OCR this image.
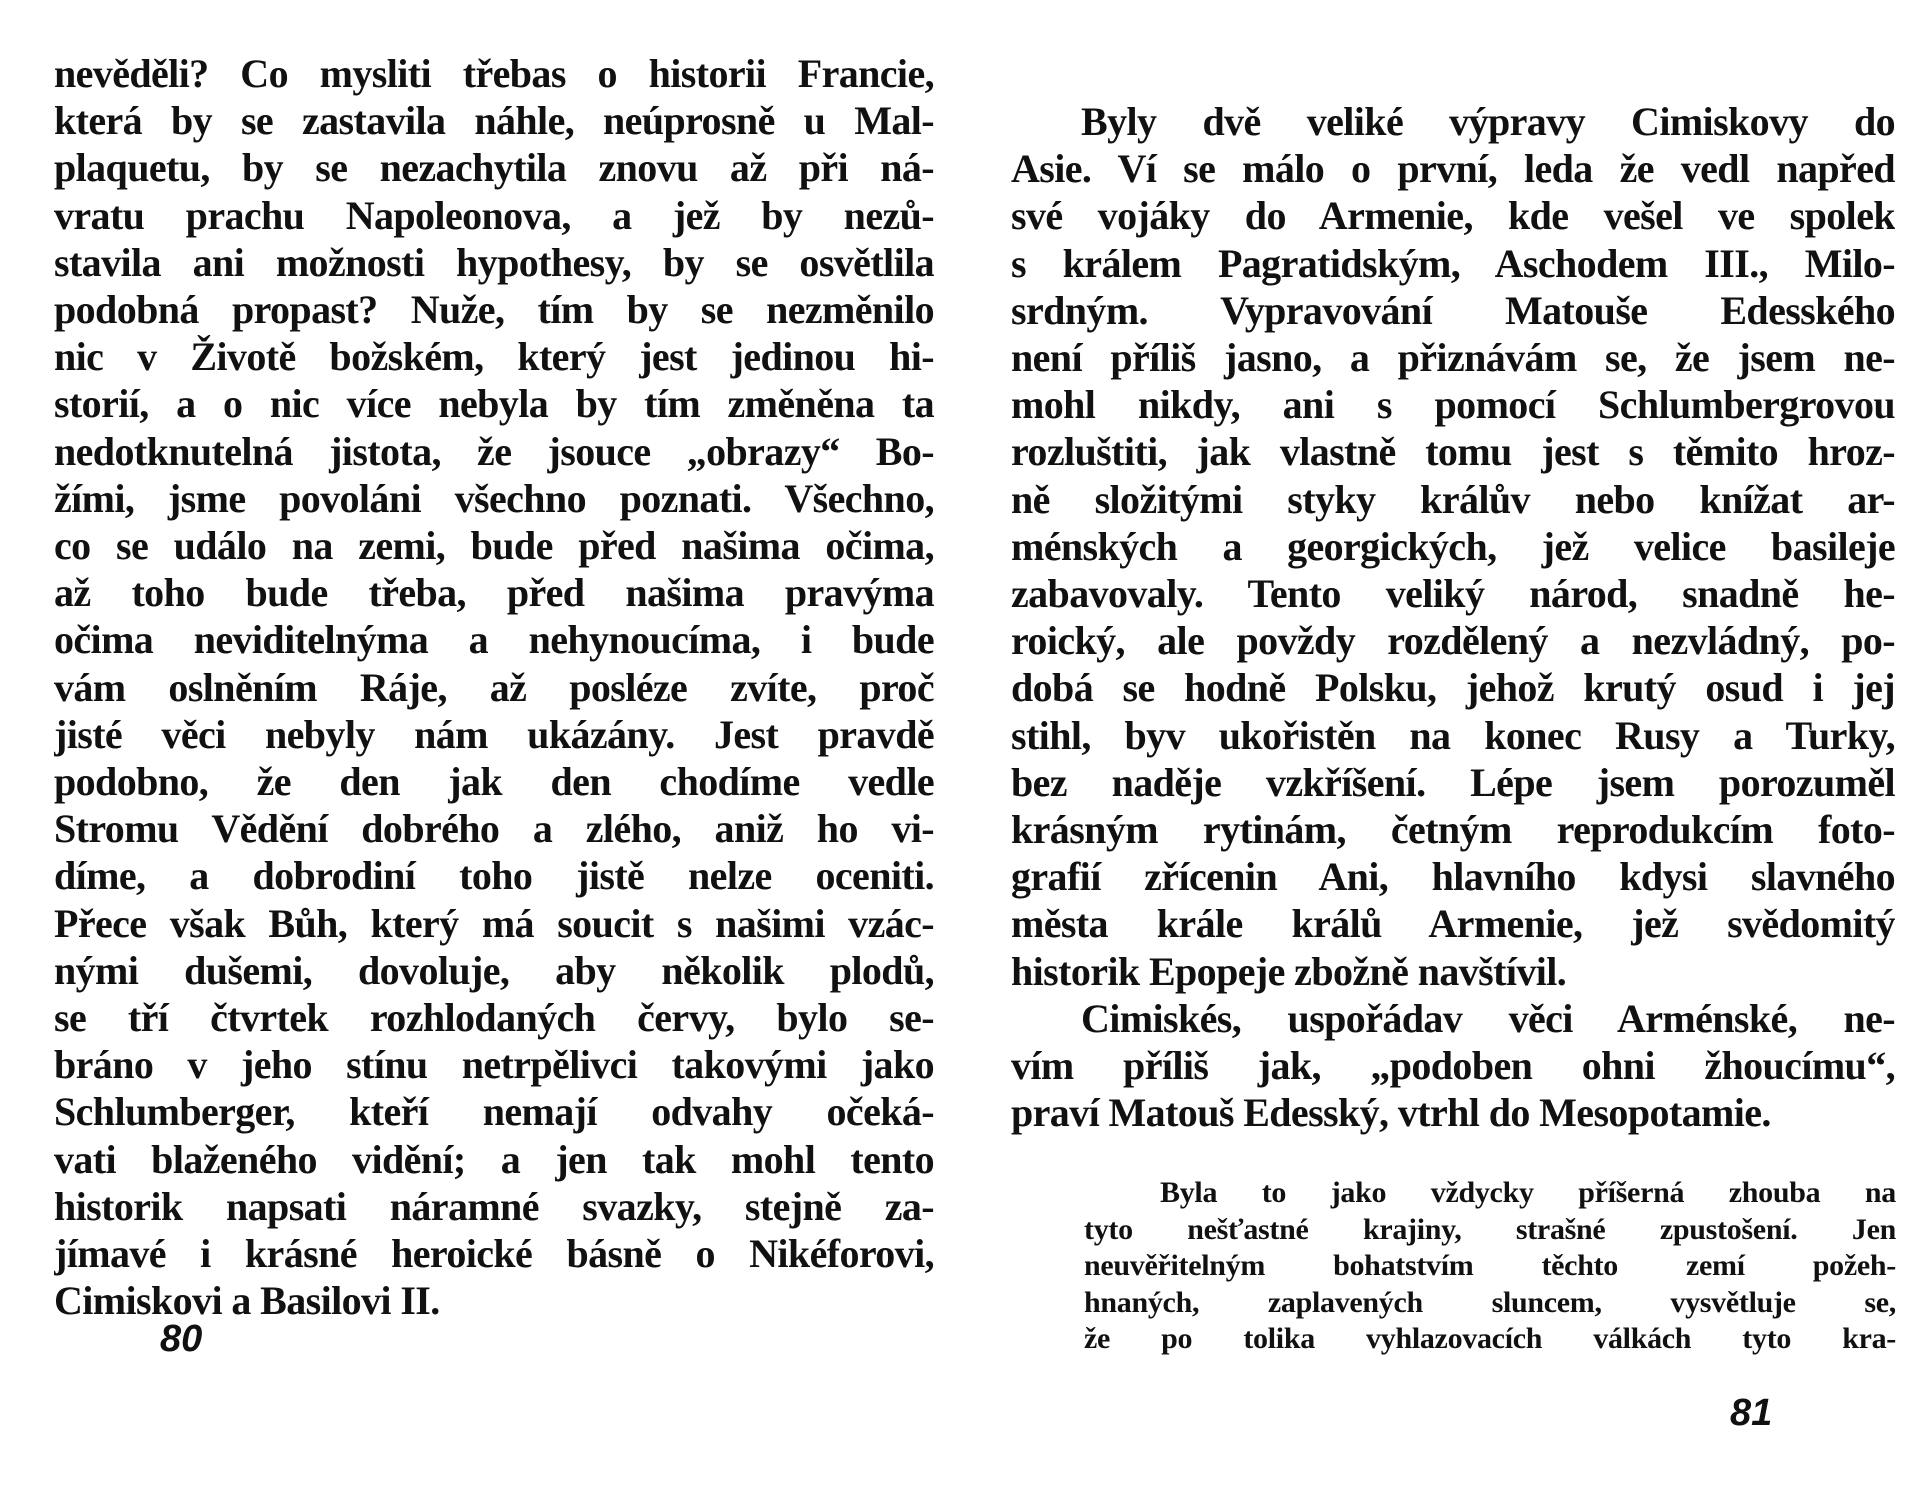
nevěděli? Co mysliti třebas o historii Francie,
která by se zastavila náhle, neúprosně u Mal-
plaquetu, by se nezachytila znovu až při ná-
vratu prachu Napoleonova, a jež by nezů-
stavila ani možnosti hypothesy, by se osvětlila
podobná propast? Nuže, tím by se nezměnilo
nic v Životě božském, který jest jedinou hi-
storií, a o nic více nebyla by tím změněna ta
nedotknutelná jistota, že jsouce „obrazy“ Bo-
žími, jsme povoláni všechno poznati. Všechno,
co se událo na zemi, bude před našima očima,
až toho bude třeba, před našima pravýma
očima neviditelnýma a nehynoucíma, i bude
vám oslněním Ráje, až posléze zvíte, proč
jisté věci nebyly nám ukázány. Jest pravdě
podobno, že den jak den chodíme vedle
Stromu Vědění dobrého a zlého, aniž ho vi-
díme, a dobrodiní toho jistě nelze oceniti.
Přece však Bůh, který má soucit s našimi vzác-
nými dušemi, dovoluje, aby několik plodů,
se tří čtvrtek rozhlodaných červy, bylo se-
bráno v jeho stínu netrpělivci takovými jako
Schlumberger, kteří nemají odvahy očeká-
vati blaženého vidění; a jen tak mohl tento
historik napsati náramné svazky, stejně za-
jímavé i krásné heroické básně o Nikéforovi,
Cimiskovi a Basilovi II.
80
Byly dvě veliké výpravy Cimiskovy do
Asie. Ví se málo o první, leda že vedl napřed
své vojáky do Armenie, kde vešel ve spolek
s králem Pagratidským, Aschodem III., Milo-
srdným. Vypravování Matouše Edesského
není příliš jasno, a přiznávám se, že jsem ne-
mohl nikdy, ani s pomocí Schlumbergrovou
rozluštiti, jak vlastně tomu jest s těmito hroz-
ně složitými styky králův nebo knížat ar-
ménských a georgických, jež velice basileje
zabavovaly. Tento veliký národ, snadně he-
roický, ale povždy rozdělený a nezvládný, po-
dobá se hodně Polsku, jehož krutý osud i jej
stihl, byv ukořistěn na konec Rusy a Turky,
bez naděje vzkříšení. Lépe jsem porozuměl
krásným rytinám, četným reprodukcím foto-
grafií zřícenin Ani, hlavního kdysi slavného
města krále králů Armenie, jež svědomitý
historik Epopeje zbožně navštívil.
Cimiskés, uspořádav věci Arménské, ne-
vím příliš jak, „podoben ohni žhoucímu“,
praví Matouš Edesský, vtrhl do Mesopotamie.
Byla to jako vždycky příšerná zhouba na
tyto nešťastné krajiny, strašné zpustošení. Jen
neuvěřitelným bohatstvím těchto zemí požeh-
hnaných, zaplavených sluncem, vysvětluje se,
že po tolika vyhlazovacích válkách tyto kra-
81
